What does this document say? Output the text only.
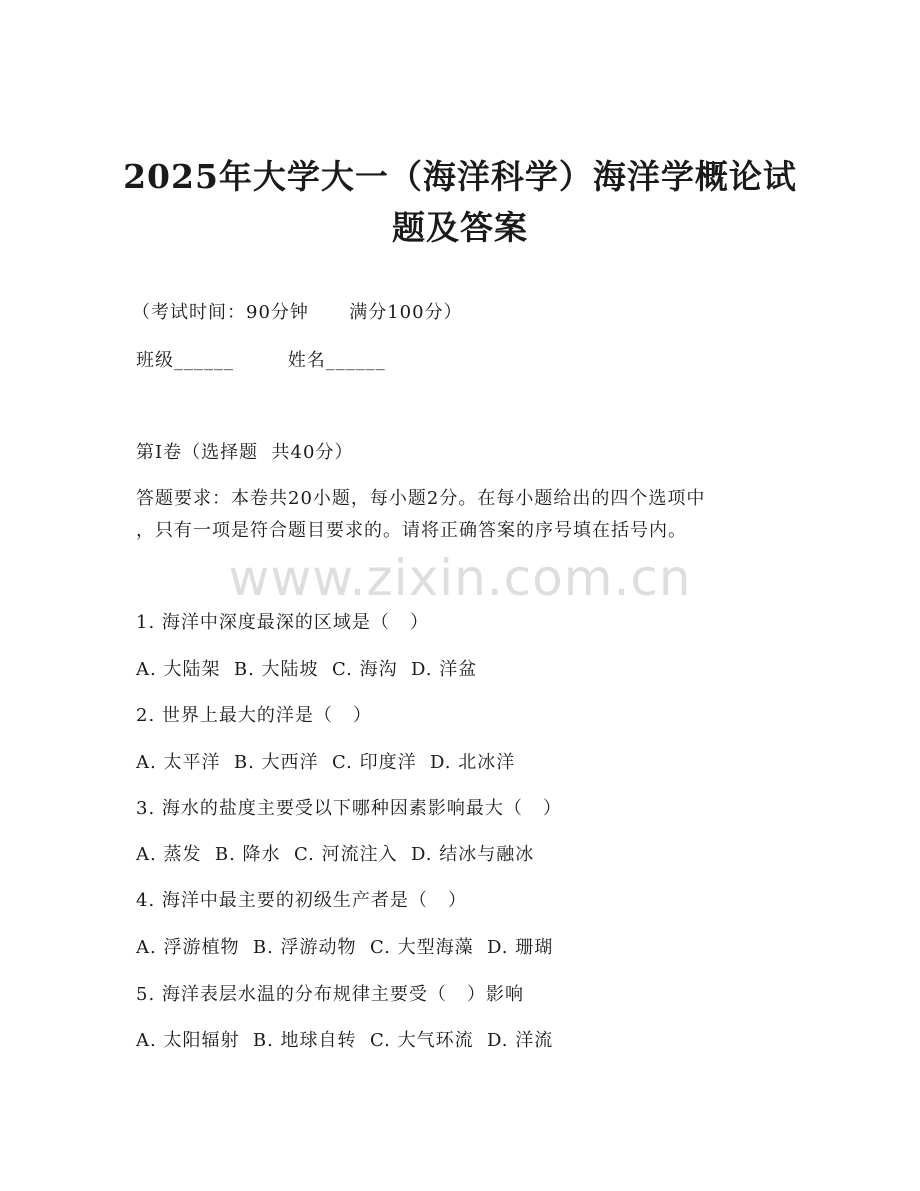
2025年大学大一（海洋科学）海洋学概论试
题及答案
（考试时间：90分钟      满分100分）
班级______        姓名______
第I卷（选择题  共40分）
答题要求：本卷共20小题，每小题2分。在每小题给出的四个选项中
，只有一项是符合题目要求的。请将正确答案的序号填在括号内。
www.zixin.com.cn
1. 海洋中深度最深的区域是（   ）
A. 大陆架  B. 大陆坡  C. 海沟  D. 洋盆
2. 世界上最大的洋是（   ）
A. 太平洋  B. 大西洋  C. 印度洋  D. 北冰洋
3. 海水的盐度主要受以下哪种因素影响最大（   ）
A. 蒸发  B. 降水  C. 河流注入  D. 结冰与融冰
4. 海洋中最主要的初级生产者是（   ）
A. 浮游植物  B. 浮游动物  C. 大型海藻  D. 珊瑚
5. 海洋表层水温的分布规律主要受（   ）影响
A. 太阳辐射  B. 地球自转  C. 大气环流  D. 洋流
